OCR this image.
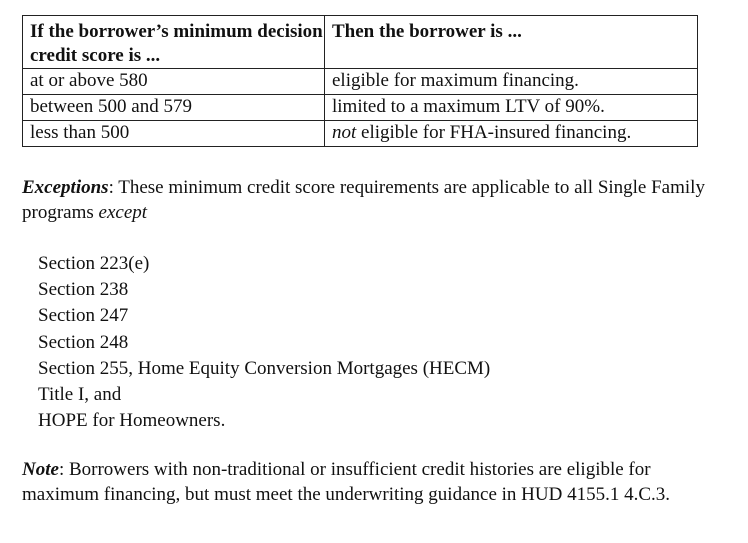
If the borrower’s minimum decision credit score is ...	Then the borrower is ...
at or above 580	eligible for maximum financing.
between 500 and 579	limited to a maximum LTV of 90%.
less than 500	not eligible for FHA-insured financing.

Exceptions: These minimum credit score requirements are applicable to all Single Family programs except

Section 223(e)
Section 238
Section 247
Section 248
Section 255, Home Equity Conversion Mortgages (HECM)
Title I, and
HOPE for Homeowners.

Note: Borrowers with non-traditional or insufficient credit histories are eligible for maximum financing, but must meet the underwriting guidance in HUD 4155.1 4.C.3.
